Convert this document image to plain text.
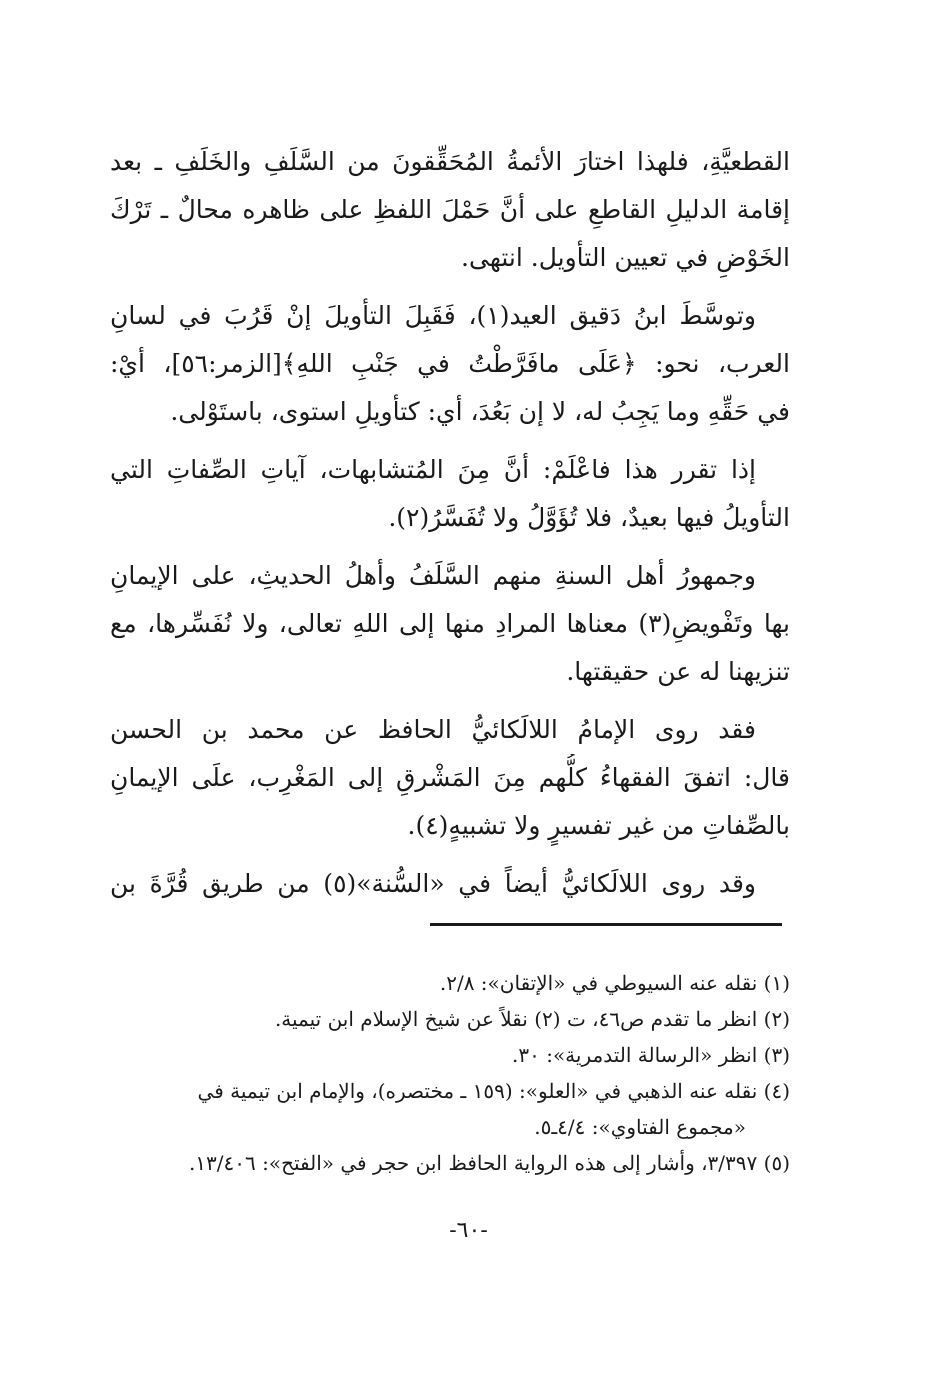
القطعيَّةِ، فلهذا اختارَ الأئمةُ المُحَقِّقونَ من السَّلَفِ والخَلَفِ ـ بعد
إقامة الدليلِ القاطعِ على أنَّ حَمْلَ اللفظِ على ظاهره محالٌ ـ تَرْكَ
الخَوْضِ في تعيين التأويل. انتهى.
وتوسَّطَ ابنُ دَقيق العيد(١)، فَقَبِلَ التأويلَ إنْ قَرُبَ في لسانِ
العرب، نحو: ﴿عَلَى مافَرَّطْتُ في جَنْبِ اللهِ﴾[الزمر:٥٦]، أيْ:
في حَقِّهِ وما يَجِبُ له، لا إن بَعُدَ، أي: كتأويلِ استوى، باستَوْلى.
إذا تقرر هذا فاعْلَمْ: أنَّ مِنَ المُتشابهات، آياتِ الصِّفاتِ التي
التأويلُ فيها بعيدٌ، فلا تُؤَوَّلُ ولا تُفَسَّرُ(٢).
وجمهورُ أهل السنةِ منهم السَّلَفُ وأهلُ الحديثِ، على الإيمانِ
بها وتَفْويضِ(٣) معناها المرادِ منها إلى اللهِ تعالى، ولا نُفَسِّرها، مع
تنزيهنا له عن حقيقتها.
فقد روى الإمامُ اللالَكائيُّ الحافظ عن محمد بن الحسن
قال: اتفقَ الفقهاءُ كلُّهم مِنَ المَشْرقِ إلى المَغْرِب، علَى الإيمانِ
بالصِّفاتِ من غير تفسيرٍ ولا تشبيهٍ(٤).
وقد روى اللالَكائيُّ أيضاً في «السُّنة»(٥) من طريق قُرَّةَ بن
(١) نقله عنه السيوطي في «الإتقان»: ٢/٨.
(٢) انظر ما تقدم ص٤٦، ت (٢) نقلاً عن شيخ الإسلام ابن تيمية.
(٣) انظر «الرسالة التدمرية»: ٣٠.
(٤) نقله عنه الذهبي في «العلو»: (١٥٩ ـ مختصره)، والإمام ابن تيمية في
«مجموع الفتاوي»: ٤/٤ـ٥.
(٥) ٣/٣٩٧، وأشار إلى هذه الرواية الحافظ ابن حجر في «الفتح»: ١٣/٤٠٦.
-٦٠-
